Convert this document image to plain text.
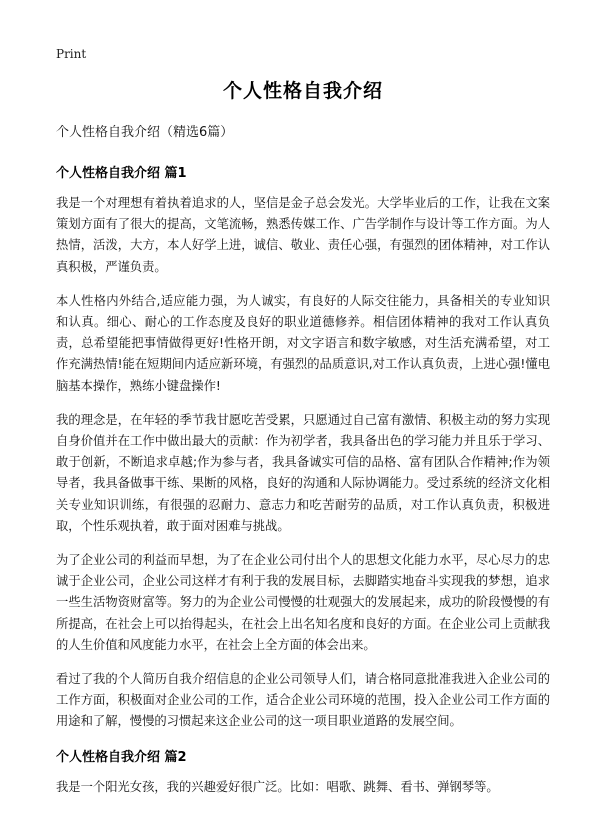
Print
个人性格自我介绍
个人性格自我介绍（精选6篇）
个人性格自我介绍 篇1

我是一个对理想有着执着追求的人，坚信是金子总会发光。大学毕业后的工作，让我在文案策划方面有了很大的提高，文笔流畅，熟悉传媒工作、广告学制作与设计等工作方面。为人热情，活泼，大方，本人好学上进，诚信、敬业、责任心强，有强烈的团体精神，对工作认真积极，严谨负责。

本人性格内外结合,适应能力强，为人诚实，有良好的人际交往能力，具备相关的专业知识和认真。细心、耐心的工作态度及良好的职业道德修养。相信团体精神的我对工作认真负责，总希望能把事情做得更好!性格开朗，对文字语言和数字敏感，对生活充满希望，对工作充满热情!能在短期间内适应新环境，有强烈的品质意识,对工作认真负责，上进心强!懂电脑基本操作，熟练小键盘操作!

我的理念是，在年轻的季节我甘愿吃苦受累，只愿通过自己富有激情、积极主动的努力实现自身价值并在工作中做出最大的贡献：作为初学者，我具备出色的学习能力并且乐于学习、敢于创新，不断追求卓越;作为参与者，我具备诚实可信的品格、富有团队合作精神;作为领导者，我具备做事干练、果断的风格，良好的沟通和人际协调能力。受过系统的经济文化相关专业知识训练，有很强的忍耐力、意志力和吃苦耐劳的品质，对工作认真负责，积极进取，个性乐观执着，敢于面对困难与挑战。

为了企业公司的利益而早想，为了在企业公司付出个人的思想文化能力水平，尽心尽力的忠诚于企业公司，企业公司这样才有利于我的发展目标，去脚踏实地奋斗实现我的梦想，追求一些生活物资财富等。努力的为企业公司慢慢的壮观强大的发展起来，成功的阶段慢慢的有所提高，在社会上可以抬得起头，在社会上出名知名度和良好的方面。在企业公司上贡献我的人生价值和风度能力水平，在社会上全方面的体会出来。

看过了我的个人简历自我介绍信息的企业公司领导人们，请合格同意批准我进入企业公司的工作方面，积极面对企业公司的工作，适合企业公司环境的范围，投入企业公司工作方面的用途和了解，慢慢的习惯起来这企业公司的这一项目职业道路的发展空间。

个人性格自我介绍 篇2

我是一个阳光女孩，我的兴趣爱好很广泛。比如：唱歌、跳舞、看书、弹钢琴等。
